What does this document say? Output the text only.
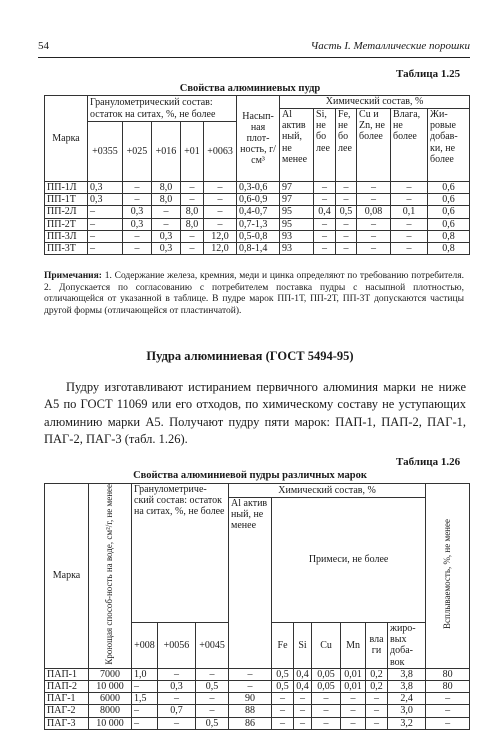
54	Часть I. Металлические порошки
Таблица 1.25
Свойства алюминиевых пудр
Марка	Гранулометрический состав:					Насып-ная плот-ность, г/см³	Химический состав, %					
	остаток на ситах, %, не более						Al актив ный, не менее	Si, не бо лее	Fe, не бо лее	Cu и Zn, не более	Влага, не более	Жи-ровые добав-ки, не более
	+0355	+025	+016	+01	+0063							
ПП-1Л	0,3	–	8,0	–	–	0,3-0,6	97	–	–	–	–	0,6
ПП-1Т	0,3	–	8,0	–	–	0,6-0,9	97	–	–	–	–	0,6
ПП-2Л	–	0,3	–	8,0	–	0,4-0,7	95	0,4	0,5	0,08	0,1	0,6
ПП-2Т	–	0,3	–	8,0	–	0,7-1,3	95	–	–	–	–	0,6
ПП-3Л	–	–	0,3	–	12,0	0,5-0,8	93	–	–	–	–	0,8
ПП-3Т	–	–	0,3	–	12,0	0,8-1,4	93	–	–	–	–	0,8
Примечания: 1. Содержание железа, кремния, меди и цинка определяют по требованию потребителя. 2. Допускается по согласованию с потребителем поставка пудры с насыпной плотностью, отличающейся от указанной в таблице. В пудре марок ПП-1Т, ПП-2Т, ПП-3Т допускаются частицы другой формы (отличающейся от пластинчатой).
Пудра алюминиевая (ГОСТ 5494-95)
Пудру изготавливают истиранием первичного алюминия марки не ниже А5 по ГОСТ 11069 или его отходов, по химическому составу не уступающих алюминию марки А5. Получают пудру пяти марок: ПАП-1, ПАП-2, ПАГ-1, ПАГ-2, ПАГ-3 (табл. 1.26).
Таблица 1.26
Свойства алюминиевой пудры различных марок
Марка	Кроющая способ-ность на воде, см²/г, не менее	Гранулометриче-ский состав: остаток на ситах, %, не более			Химический состав, %							Всплываемость, %, не менее
					Al актив ный, не менее	Примеси, не более						
		+008	+0056	+0045		Fe	Si	Cu	Mn	вла ги	жиро-вых доба-вок	
ПАП-1	7000	1,0	–	–	–	0,5	0,4	0,05	0,01	0,2	3,8	80
ПАП-2	10 000	–	0,3	0,5	–	0,5	0,4	0,05	0,01	0,2	3,8	80
ПАГ-1	6000	1,5	–	–	90	–	–	–	–	–	2,4	–
ПАГ-2	8000	–	0,7	–	88	–	–	–	–	–	3,0	–
ПАГ-3	10 000	–	–	0,5	86	–	–	–	–	–	3,2	–
